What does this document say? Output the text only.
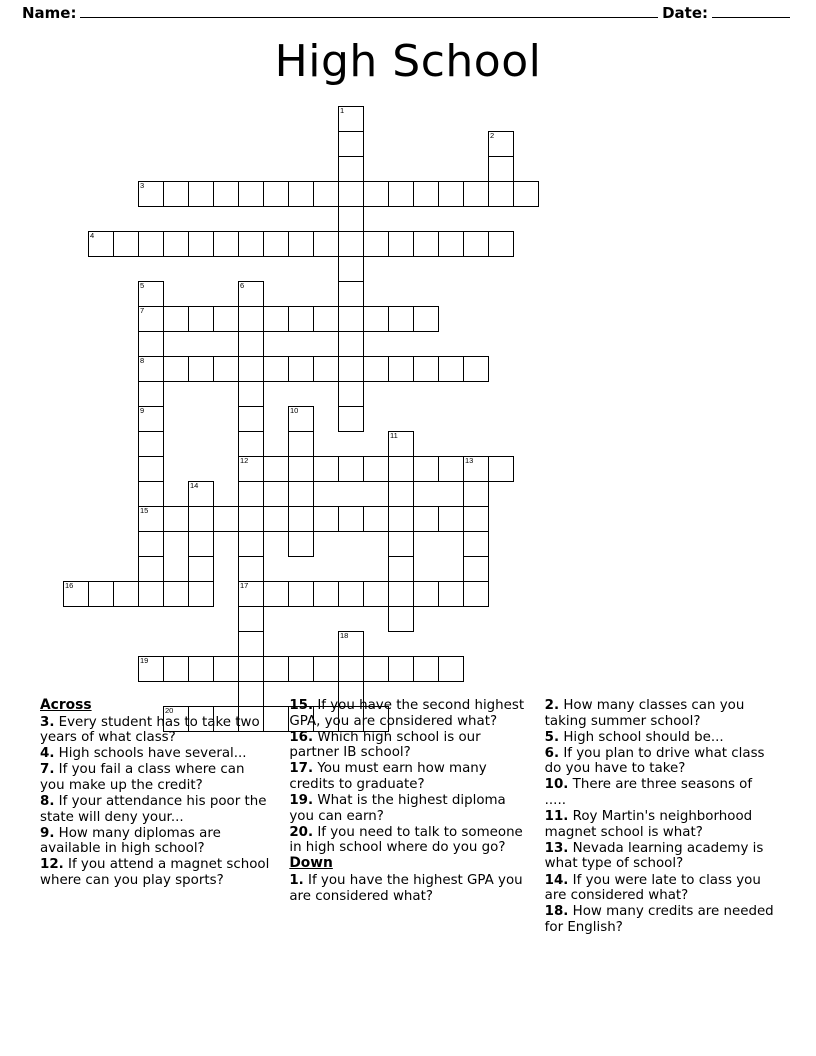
Name:	Date:
High School
1
2
3
4
5	6
7
8
9	10
11
12	13
14
15
16	17
18
19
20
Across

3. Every student has to take two years of what class?

4. High schools have several...

7. If you fail a class where can you make up the credit?

8. If your attendance his poor the state will deny your...

9. How many diplomas are available in high school?

12. If you attend a magnet school where can you play sports?

15. If you have the second highest GPA, you are considered what?

16. Which high school is our partner IB school?

17. You must earn how many credits to graduate?

19. What is the highest diploma you can earn?

20. If you need to talk to someone in high school where do you go?

Down

1. If you have the highest GPA you are considered what?

2. How many classes can you taking summer school?

5. High school should be...

6. If you plan to drive what class do you have to take?

10. There are three seasons of .....

11. Roy Martin's neighborhood magnet school is what?

13. Nevada learning academy is what type of school?

14. If you were late to class you are considered what?

18. How many credits are needed for English?
